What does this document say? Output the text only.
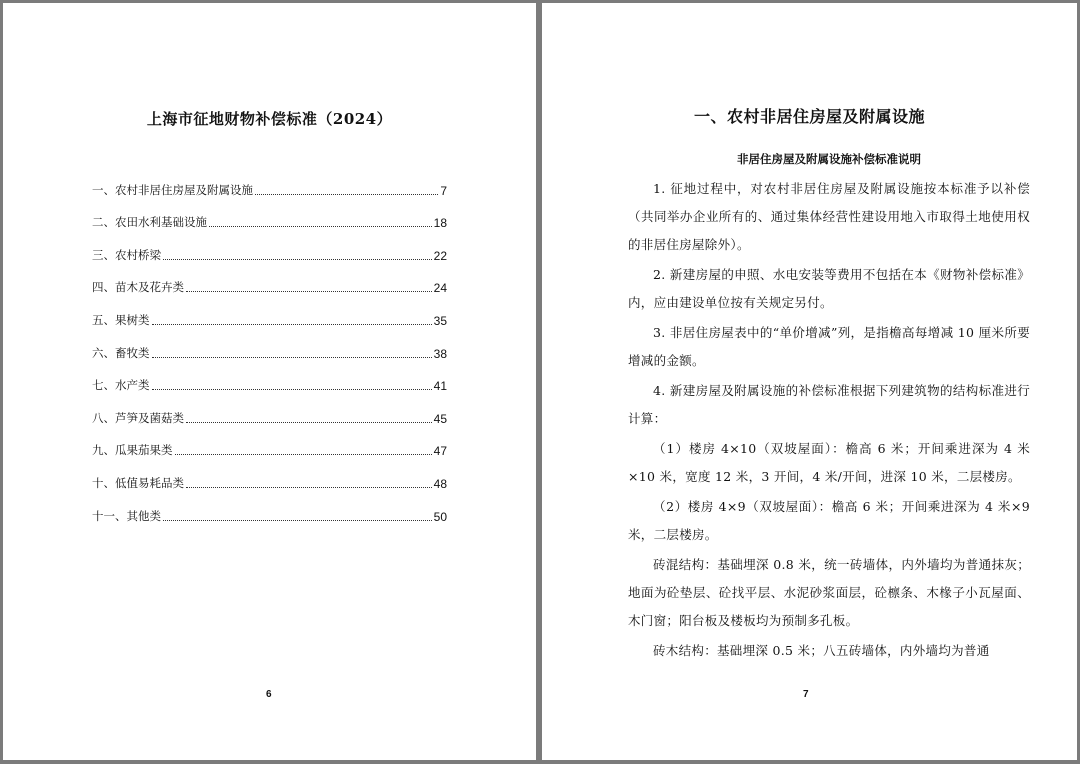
上海市征地财物补偿标准（2024）
一、农村非居住房屋及附属设施	7
二、农田水利基础设施	18
三、农村桥梁	22
四、苗木及花卉类	24
五、果树类	35
六、畜牧类	38
七、水产类	41
八、芦笋及菌菇类	45
九、瓜果茄果类	47
十、低值易耗品类	48
十一、其他类	50
6
一、农村非居住房屋及附属设施

非居住房屋及附属设施补偿标准说明

1. 征地过程中，对农村非居住房屋及附属设施按本标准予以补偿（共同举办企业所有的、通过集体经营性建设用地入市取得土地使用权的非居住房屋除外）。

2. 新建房屋的申照、水电安装等费用不包括在本《财物补偿标准》内，应由建设单位按有关规定另付。

3. 非居住房屋表中的“单价增减”列，是指檐高每增减 10 厘米所要增减的金额。

4. 新建房屋及附属设施的补偿标准根据下列建筑物的结构标准进行计算：

（1）楼房 4×10（双坡屋面）：檐高 6 米；开间乘进深为 4 米×10 米，宽度 12 米，3 开间，4 米/开间，进深 10 米，二层楼房。

（2）楼房 4×9（双坡屋面）：檐高 6 米；开间乘进深为 4 米×9 米，二层楼房。

砖混结构：基础埋深 0.8 米，统一砖墙体，内外墙均为普通抹灰；地面为砼垫层、砼找平层、水泥砂浆面层，砼檩条、木椽子小瓦屋面、木门窗；阳台板及楼板均为预制多孔板。

砖木结构：基础埋深 0.5 米；八五砖墙体，内外墙均为普通

7
